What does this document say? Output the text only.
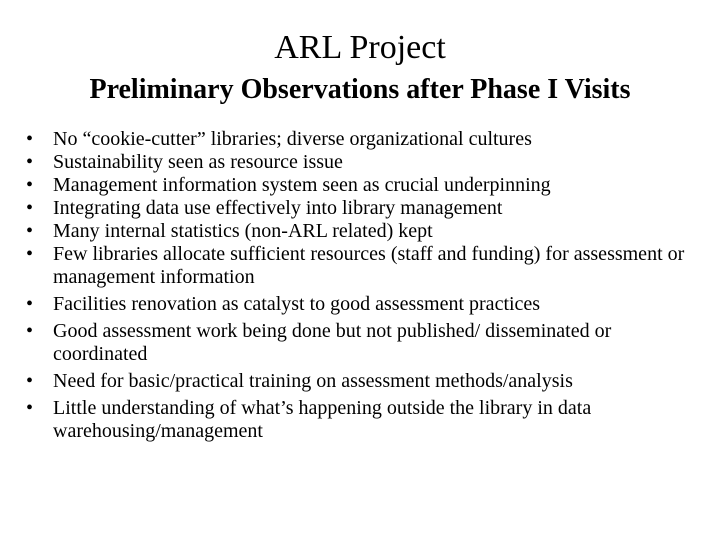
ARL Project
Preliminary Observations after Phase I Visits
• No “cookie-cutter” libraries; diverse organizational cultures
• Sustainability seen as resource issue
• Management information system seen as crucial underpinning
• Integrating data use effectively into library management
• Many internal statistics (non-ARL related) kept
• Few libraries allocate sufficient resources (staff and funding) for assessment or management information
• Facilities renovation as catalyst to good assessment practices
• Good assessment work being done but not published/ disseminated or coordinated
• Need for basic/practical training on assessment methods/analysis
• Little understanding of what’s happening outside the library in data warehousing/management
